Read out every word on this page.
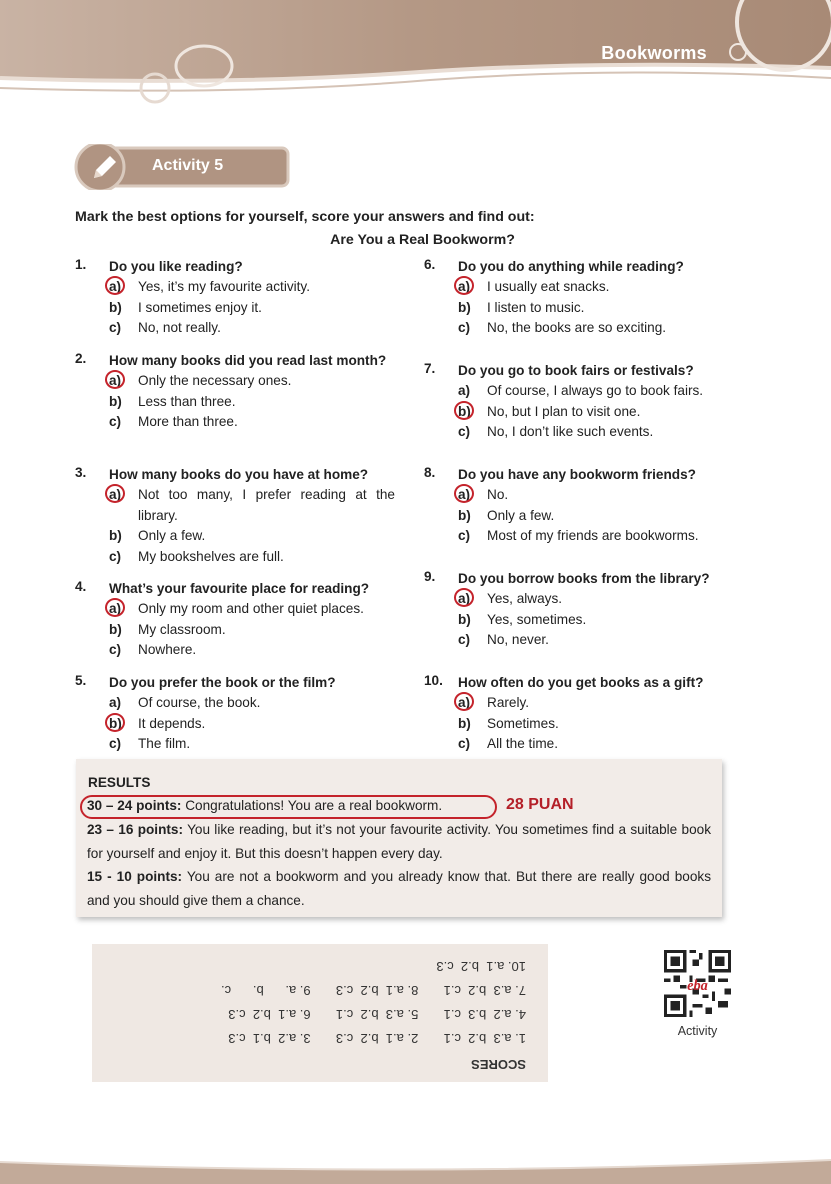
Bookworms
Activity 5
Mark the best options for yourself, score your answers and find out:
Are You a Real Bookworm?
1.	Do you like reading?
a)	Yes, it’s my favourite activity.
b)	I sometimes enjoy it.
c)	No, not really.
2.	How many books did you read last month?
a)	Only the necessary ones.
b)	Less than three.
c)	More than three.
3.	How many books do you have at home?
a)	Not too many, I prefer reading at the library.
b)	Only a few.
c)	My bookshelves are full.
4.	What’s your favourite place for reading?
a)	Only my room and other quiet places.
b)	My classroom.
c)	Nowhere.
5.	Do you prefer the book or the film?
a)	Of course, the book.
b)	It depends.
c)	The film.
6.	Do you do anything while reading?
a)	I usually eat snacks.
b)	I listen to music.
c)	No, the books are so exciting.
7.	Do you go to book fairs or festivals?
a)	Of course, I always go to book fairs.
b)	No, but I plan to visit one.
c)	No, I don’t like such events.
8.	Do you have any bookworm friends?
a)	No.
b)	Only a few.
c)	Most of my friends are bookworms.
9.	Do you borrow books from the library?
a)	Yes, always.
b)	Yes, sometimes.
c)	No, never.
10.	How often do you get books as a gift?
a)	Rarely.
b)	Sometimes.
c)	All the time.
RESULTS
30 – 24 points: Congratulations! You are a real bookworm.	28 PUAN
23 – 16 points: You like reading, but it’s not your favourite activity. You sometimes find a suitable book for yourself and enjoy it. But this doesn’t happen every day.
15 - 10 points: You are not a bookworm and you already know that. But there are really good books and you should give them a chance.
SCORES
1. a.3  b.2  c.1       2. a.1  b.2  c.3       3. a.2  b.1  c.3
4. a.2  b.3  c.1       5. a.3  b.2  c.1       6. a.1  b.2  c.3
7. a.3  b.2  c.1       8. a.1  b.2  c.3       9. a.      b.      c.
10. a.1  b.2  c.3
eba
Activity
